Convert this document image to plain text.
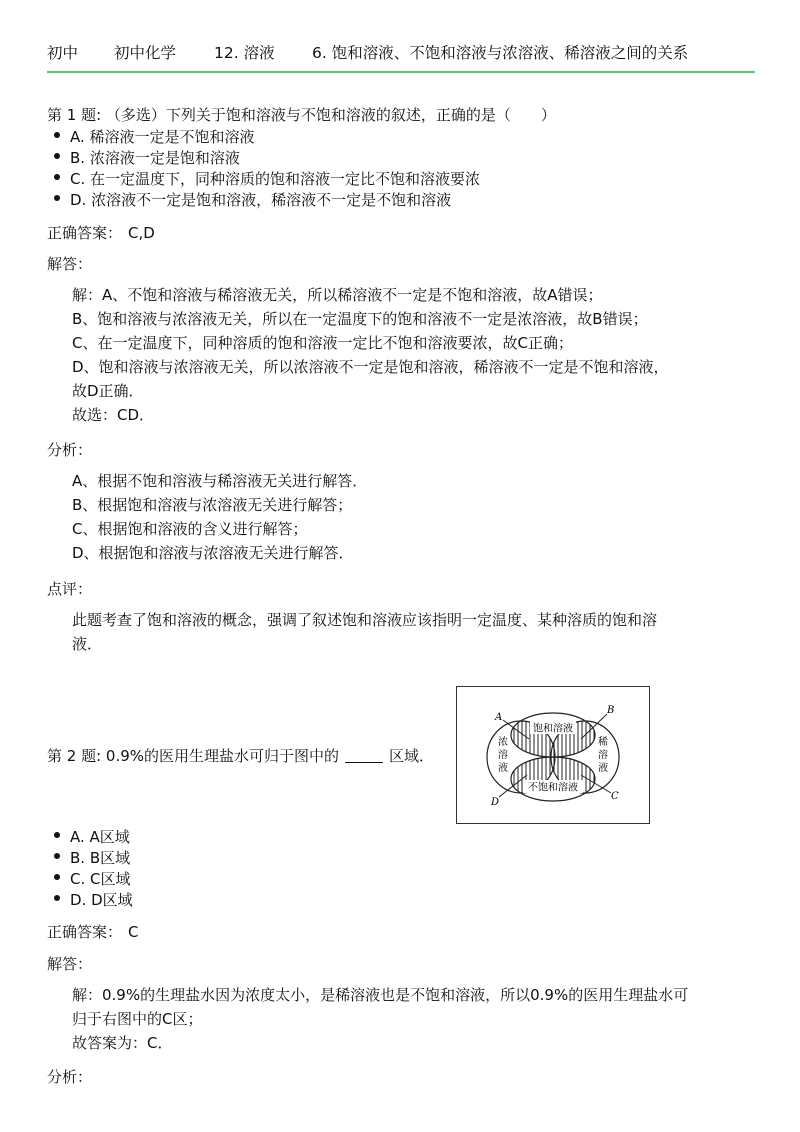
初中 初中化学 12. 溶液 6. 饱和溶液、不饱和溶液与浓溶液、稀溶液之间的关系
第 1 题: （多选）下列关于饱和溶液与不饱和溶液的叙述，正确的是（　　）
A. 稀溶液一定是不饱和溶液
B. 浓溶液一定是饱和溶液
C. 在一定温度下，同种溶质的饱和溶液一定比不饱和溶液要浓
D. 浓溶液不一定是饱和溶液，稀溶液不一定是不饱和溶液
正确答案： C,D
解答：
解：A、不饱和溶液与稀溶液无关，所以稀溶液不一定是不饱和溶液，故A错误；
B、饱和溶液与浓溶液无关，所以在一定温度下的饱和溶液不一定是浓溶液，故B错误；
C、在一定温度下，同种溶质的饱和溶液一定比不饱和溶液要浓，故C正确；
D、饱和溶液与浓溶液无关，所以浓溶液不一定是饱和溶液，稀溶液不一定是不饱和溶液，
故D正确．
故选：CD．
分析：
A、根据不饱和溶液与稀溶液无关进行解答．
B、根据饱和溶液与浓溶液无关进行解答；
C、根据饱和溶液的含义进行解答；
D、根据饱和溶液与浓溶液无关进行解答．
点评：
此题考查了饱和溶液的概念，强调了叙述饱和溶液应该指明一定温度、某种溶质的饱和溶
液．
第 2 题: 0.9%的医用生理盐水可归于图中的	区域．
饱和溶液
不饱和溶液
浓
溶
液
稀
溶
液
A
B
C
D
A. A区域
B. B区域
C. C区域
D. D区域
正确答案： C
解答：
解：0.9%的生理盐水因为浓度太小，是稀溶液也是不饱和溶液，所以0.9%的医用生理盐水可
归于右图中的C区；
故答案为：C．
分析：
